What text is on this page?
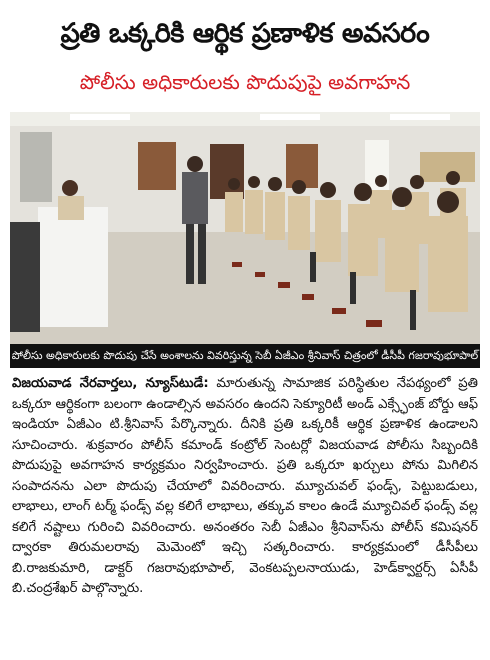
ప్రతి ఒక్కరికి ఆర్థిక ప్రణాళిక అవసరం
పోలీసు అధికారులకు పొదుపుపై అవగాహన
పోలీసు అధికారులకు పొదుపు చేసే అంశాలను వివరిస్తున్న సెబీ ఏజీఎం శ్రీనివాస్ చిత్రంలో డీసీపీ గజరావుభూపాల్
విజయవాడ నేరవార్తలు, న్యూస్‌టుడే: మారుతున్న సామాజిక పరిస్థితుల నేపథ్యంలో ప్రతి ఒక్కరూ ఆర్థికంగా బలంగా ఉండాల్సిన అవసరం ఉందని సెక్యూరిటీ అండ్ ఎక్స్ఛేంజ్ బోర్డు ఆఫ్ ఇండియా ఏజీఎం టి.శ్రీనివాస్ పేర్కొన్నారు. దీనికి ప్రతి ఒక్కరికీ ఆర్థిక ప్రణాళిక ఉండాలని సూచించారు. శుక్రవారం పోలీస్ కమాండ్ కంట్రోల్ సెంటర్లో విజయవాడ పోలీసు సిబ్బందికి పొదుపుపై అవగాహన కార్యక్రమం నిర్వహించారు. ప్రతి ఒక్కరూ ఖర్చులు పోను మిగిలిన సంపాదనను ఎలా పొదుపు చేయాలో వివరించారు. మ్యూచువల్ ఫండ్స్, పెట్టుబడులు, లాభాలు, లాంగ్ టర్మ్ ఫండ్స్ వల్ల కలిగే లాభాలు, తక్కువ కాలం ఉండే మ్యూచివల్ ఫండ్స్ వల్ల కలిగే నష్టాలు గురించి వివరించారు. అనంతరం సెబీ ఏజీఎం శ్రీనివాస్‌ను పోలీస్ కమిషనర్ ద్వారకా తిరుమలరావు మెమెంటో ఇచ్చి సత్కరించారు. కార్యక్రమంలో డీసీపీలు బి.రాజకుమారి, డాక్టర్ గజరావుభూపాల్, వెంకటప్పలనాయుడు, హెడ్‌క్వార్టర్స్ ఏసీపీ బి.చంద్రశేఖర్ పాల్గొన్నారు.
